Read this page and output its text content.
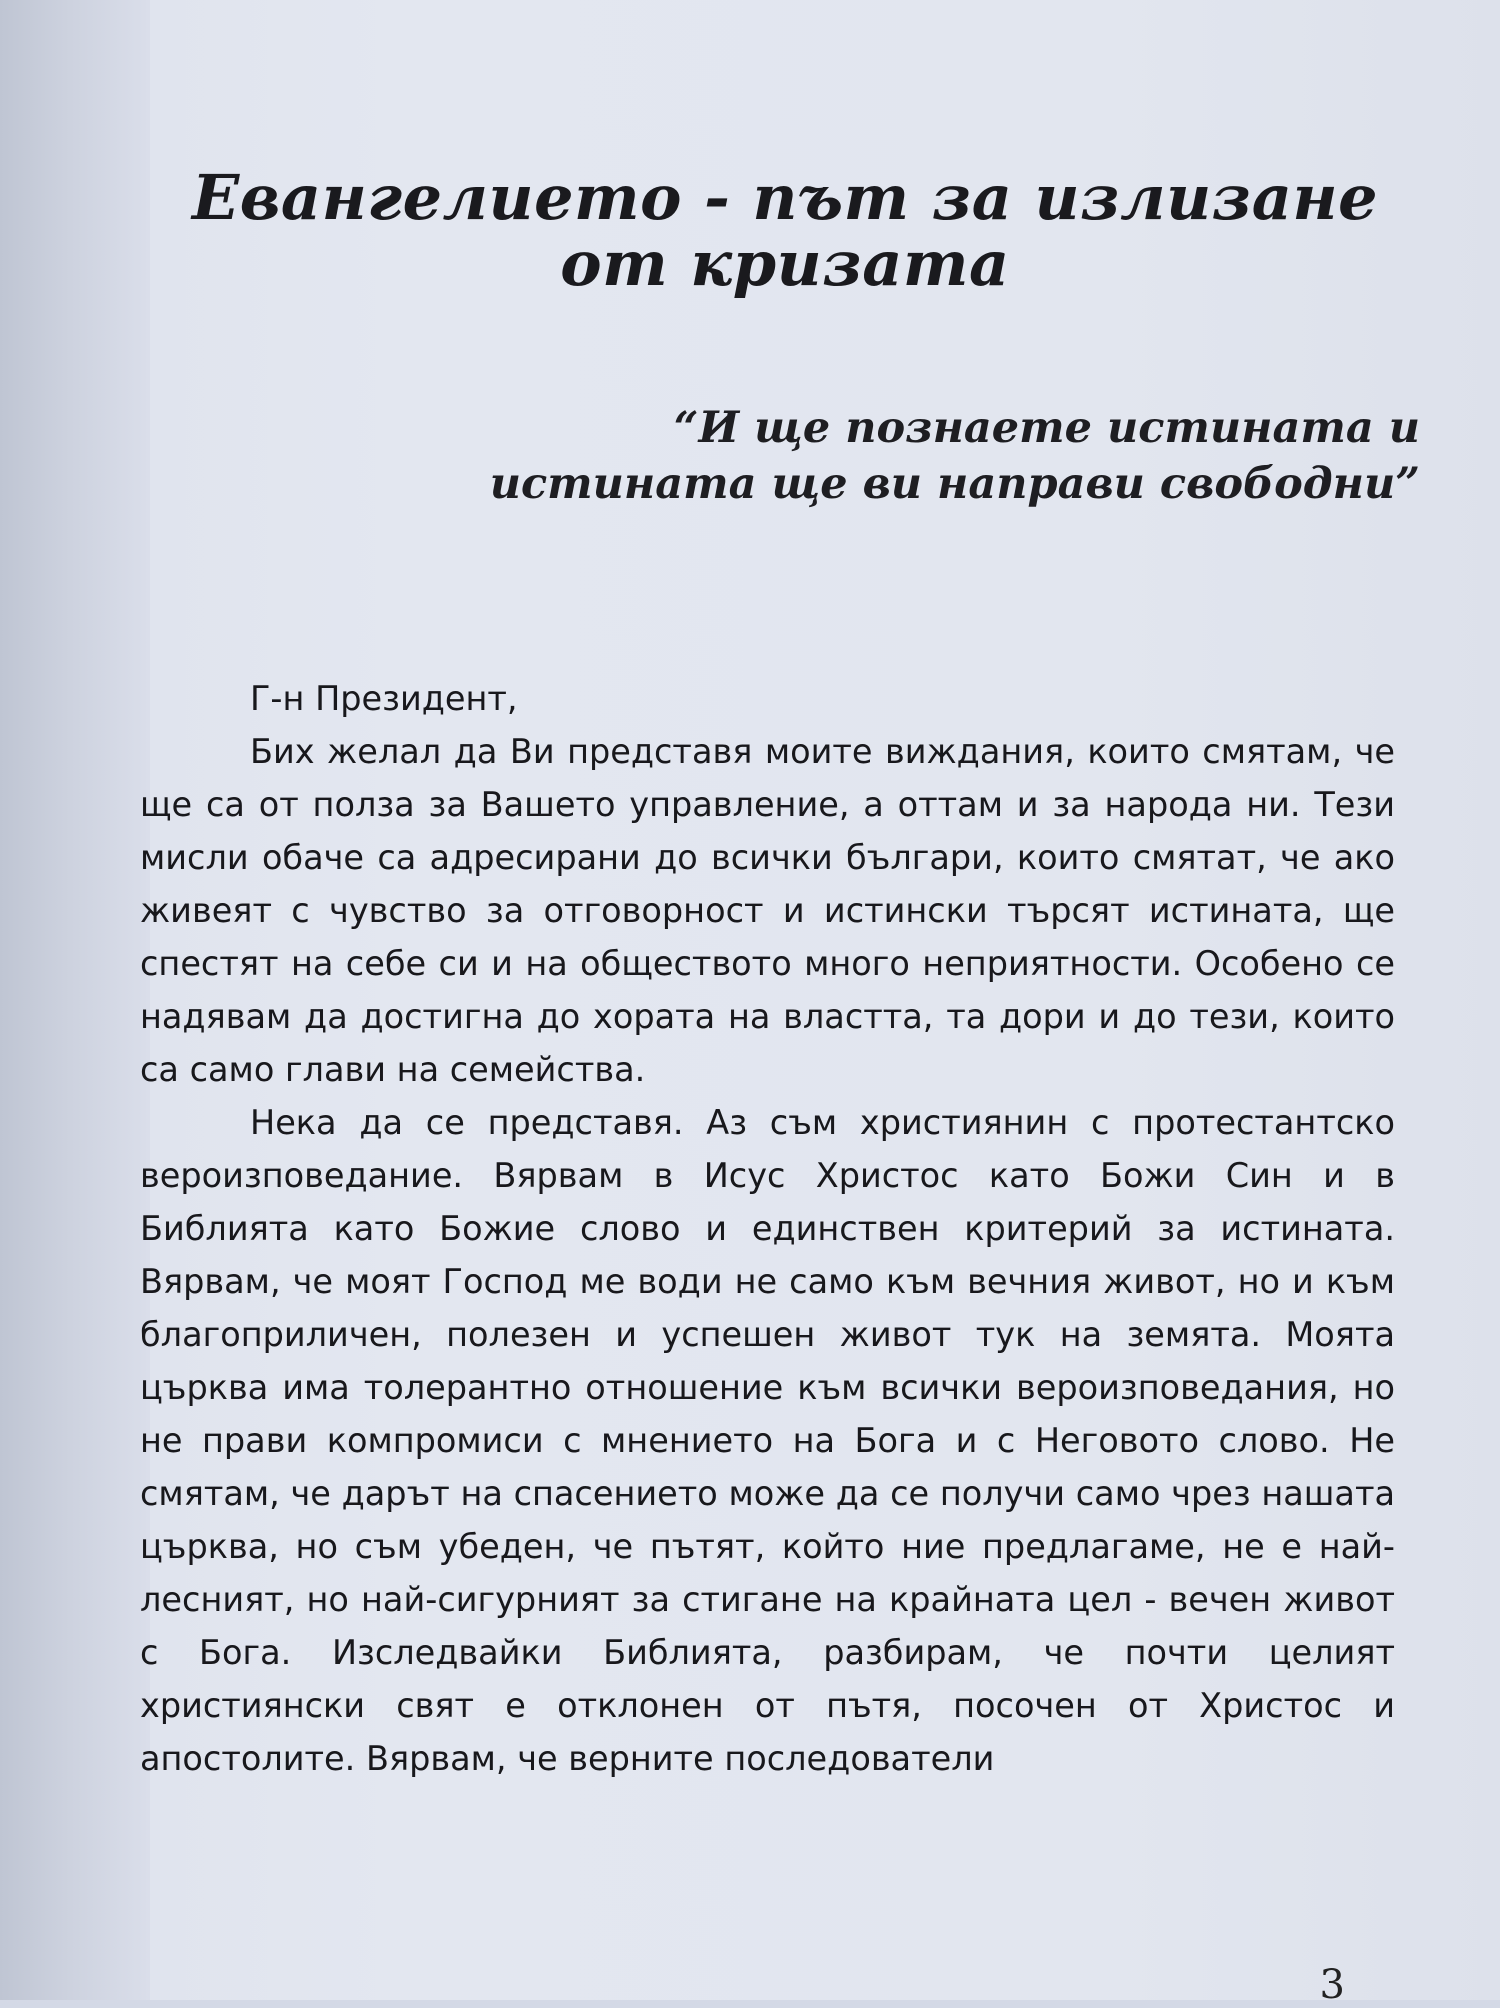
Евангелието - път за излизане от кризата
“И ще познаете истината и истината ще ви направи свободни”

Г-н Президент,

Бих желал да Ви представя моите виждания, които смятам, че ще са от полза за Вашето управление, а оттам и за народа ни. Тези мисли обаче са адресирани до всички българи, които смятат, че ако живеят с чувство за отговорност и истински търсят истината, ще спестят на себе си и на обществото много неприятности. Особено се надявам да достигна до хората на властта, та дори и до тези, които са само глави на семейства.

Нека да се представя. Аз съм християнин с протестантско вероизповедание. Вярвам в Исус Христос като Божи Син и в Библията като Божие слово и единствен критерий за истината. Вярвам, че моят Господ ме води не само към вечния живот, но и към благоприличен, полезен и успешен живот тук на земята. Моята църква има толерантно отношение към всички вероизповедания, но не прави компромиси с мнението на Бога и с Неговото слово. Не смятам, че дарът на спасението може да се получи само чрез нашата църква, но съм убеден, че пътят, който ние предлагаме, не е най-лесният, но най-сигурният за стигане на крайната цел - вечен живот с Бога. Изследвайки Библията, разбирам, че почти целият християнски свят е отклонен от пътя, посочен от Христос и апостолите. Вярвам, че верните последователи

3
